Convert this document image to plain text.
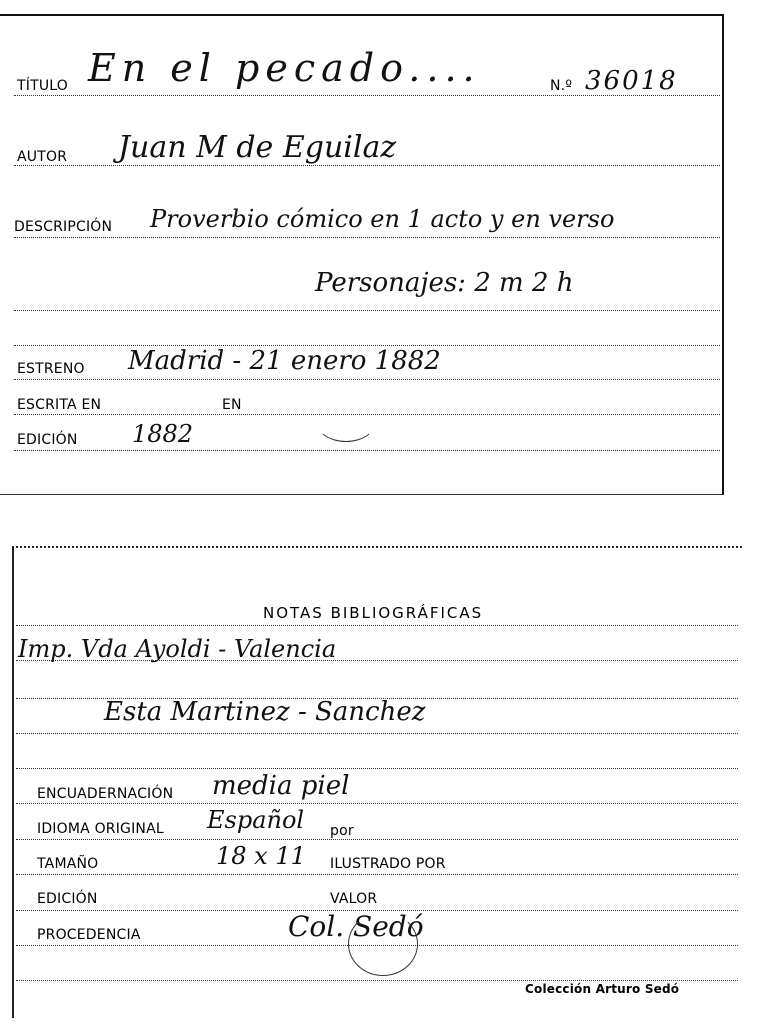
TÍTULO En el pecado....	N.º 36018
AUTOR Juan M de Eguilaz
DESCRIPCIÓN Proverbio cómico en 1 acto y en verso
Personajes: 2 m 2 h
ESTRENO Madrid - 21 enero 1882
ESCRITA EN	EN
EDICIÓN 1882
NOTAS BIBLIOGRÁFICAS
Imp. Vda Ayoldi - Valencia
Esta Martinez - Sanchez
ENCUADERNACIÓN media piel
IDIOMA ORIGINAL Español por
TAMAÑO	18 x 11 ILUSTRADO POR
EDICIÓN	VALOR
PROCEDENCIA	Col. Sedó
Colección Arturo Sedó
